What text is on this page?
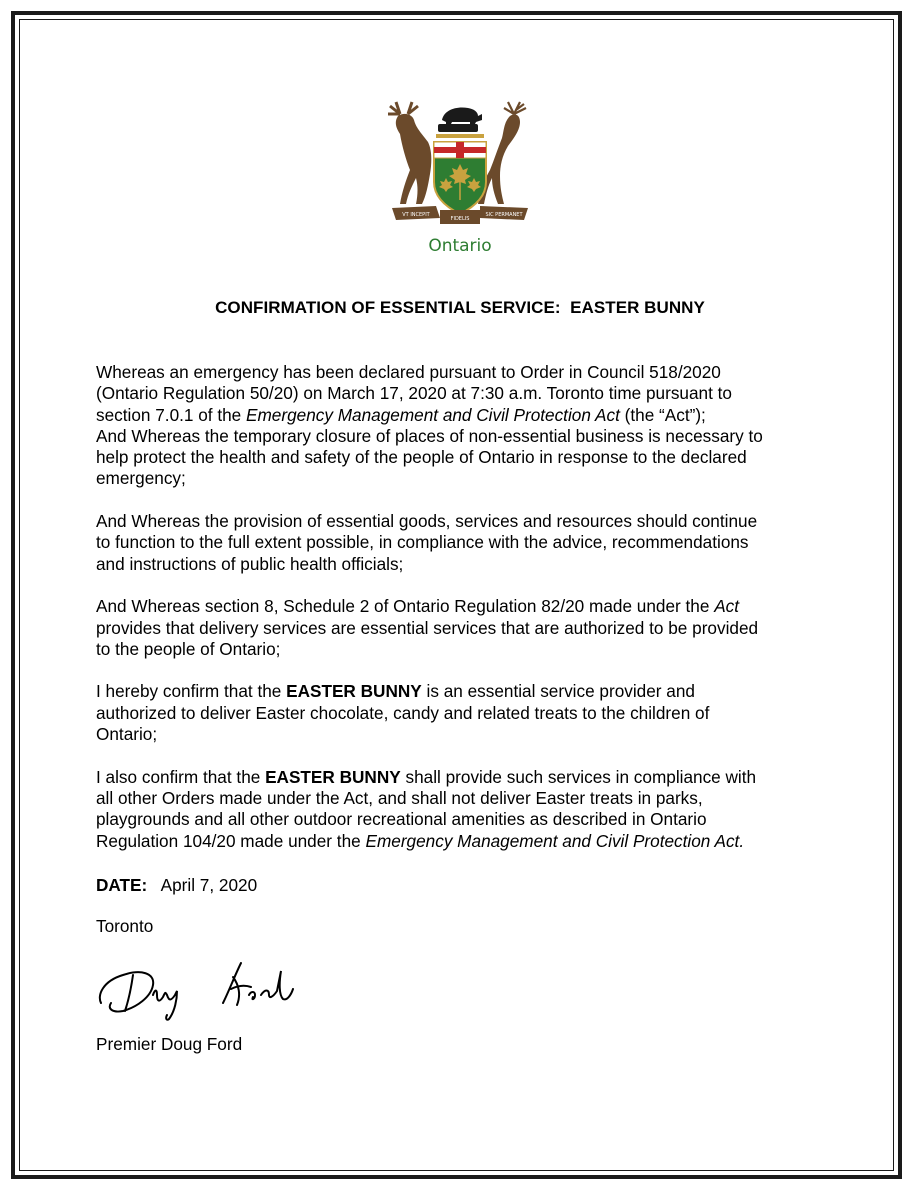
VT INCEPIT
FIDELIS
SIC PERMANET
Ontario
CONFIRMATION OF ESSENTIAL SERVICE:  EASTER BUNNY

Whereas an emergency has been declared pursuant to Order in Council 518/2020

(Ontario Regulation 50/20) on March 17, 2020 at 7:30 a.m. Toronto time pursuant to

section 7.0.1 of the Emergency Management and Civil Protection Act (the “Act”);

And Whereas the temporary closure of places of non-essential business is necessary to

help protect the health and safety of the people of Ontario in response to the declared

emergency;

And Whereas the provision of essential goods, services and resources should continue

to function to the full extent possible, in compliance with the advice, recommendations

and instructions of public health officials;

And Whereas section 8, Schedule 2 of Ontario Regulation 82/20 made under the Act

provides that delivery services are essential services that are authorized to be provided

to the people of Ontario;

I hereby confirm that the EASTER BUNNY is an essential service provider and

authorized to deliver Easter chocolate, candy and related treats to the children of

Ontario;

I also confirm that the EASTER BUNNY shall provide such services in compliance with

all other Orders made under the Act, and shall not deliver Easter treats in parks,

playgrounds and all other outdoor recreational amenities as described in Ontario

Regulation 104/20 made under the Emergency Management and Civil Protection Act.

DATE: April 7, 2020
Toronto
Premier Doug Ford
